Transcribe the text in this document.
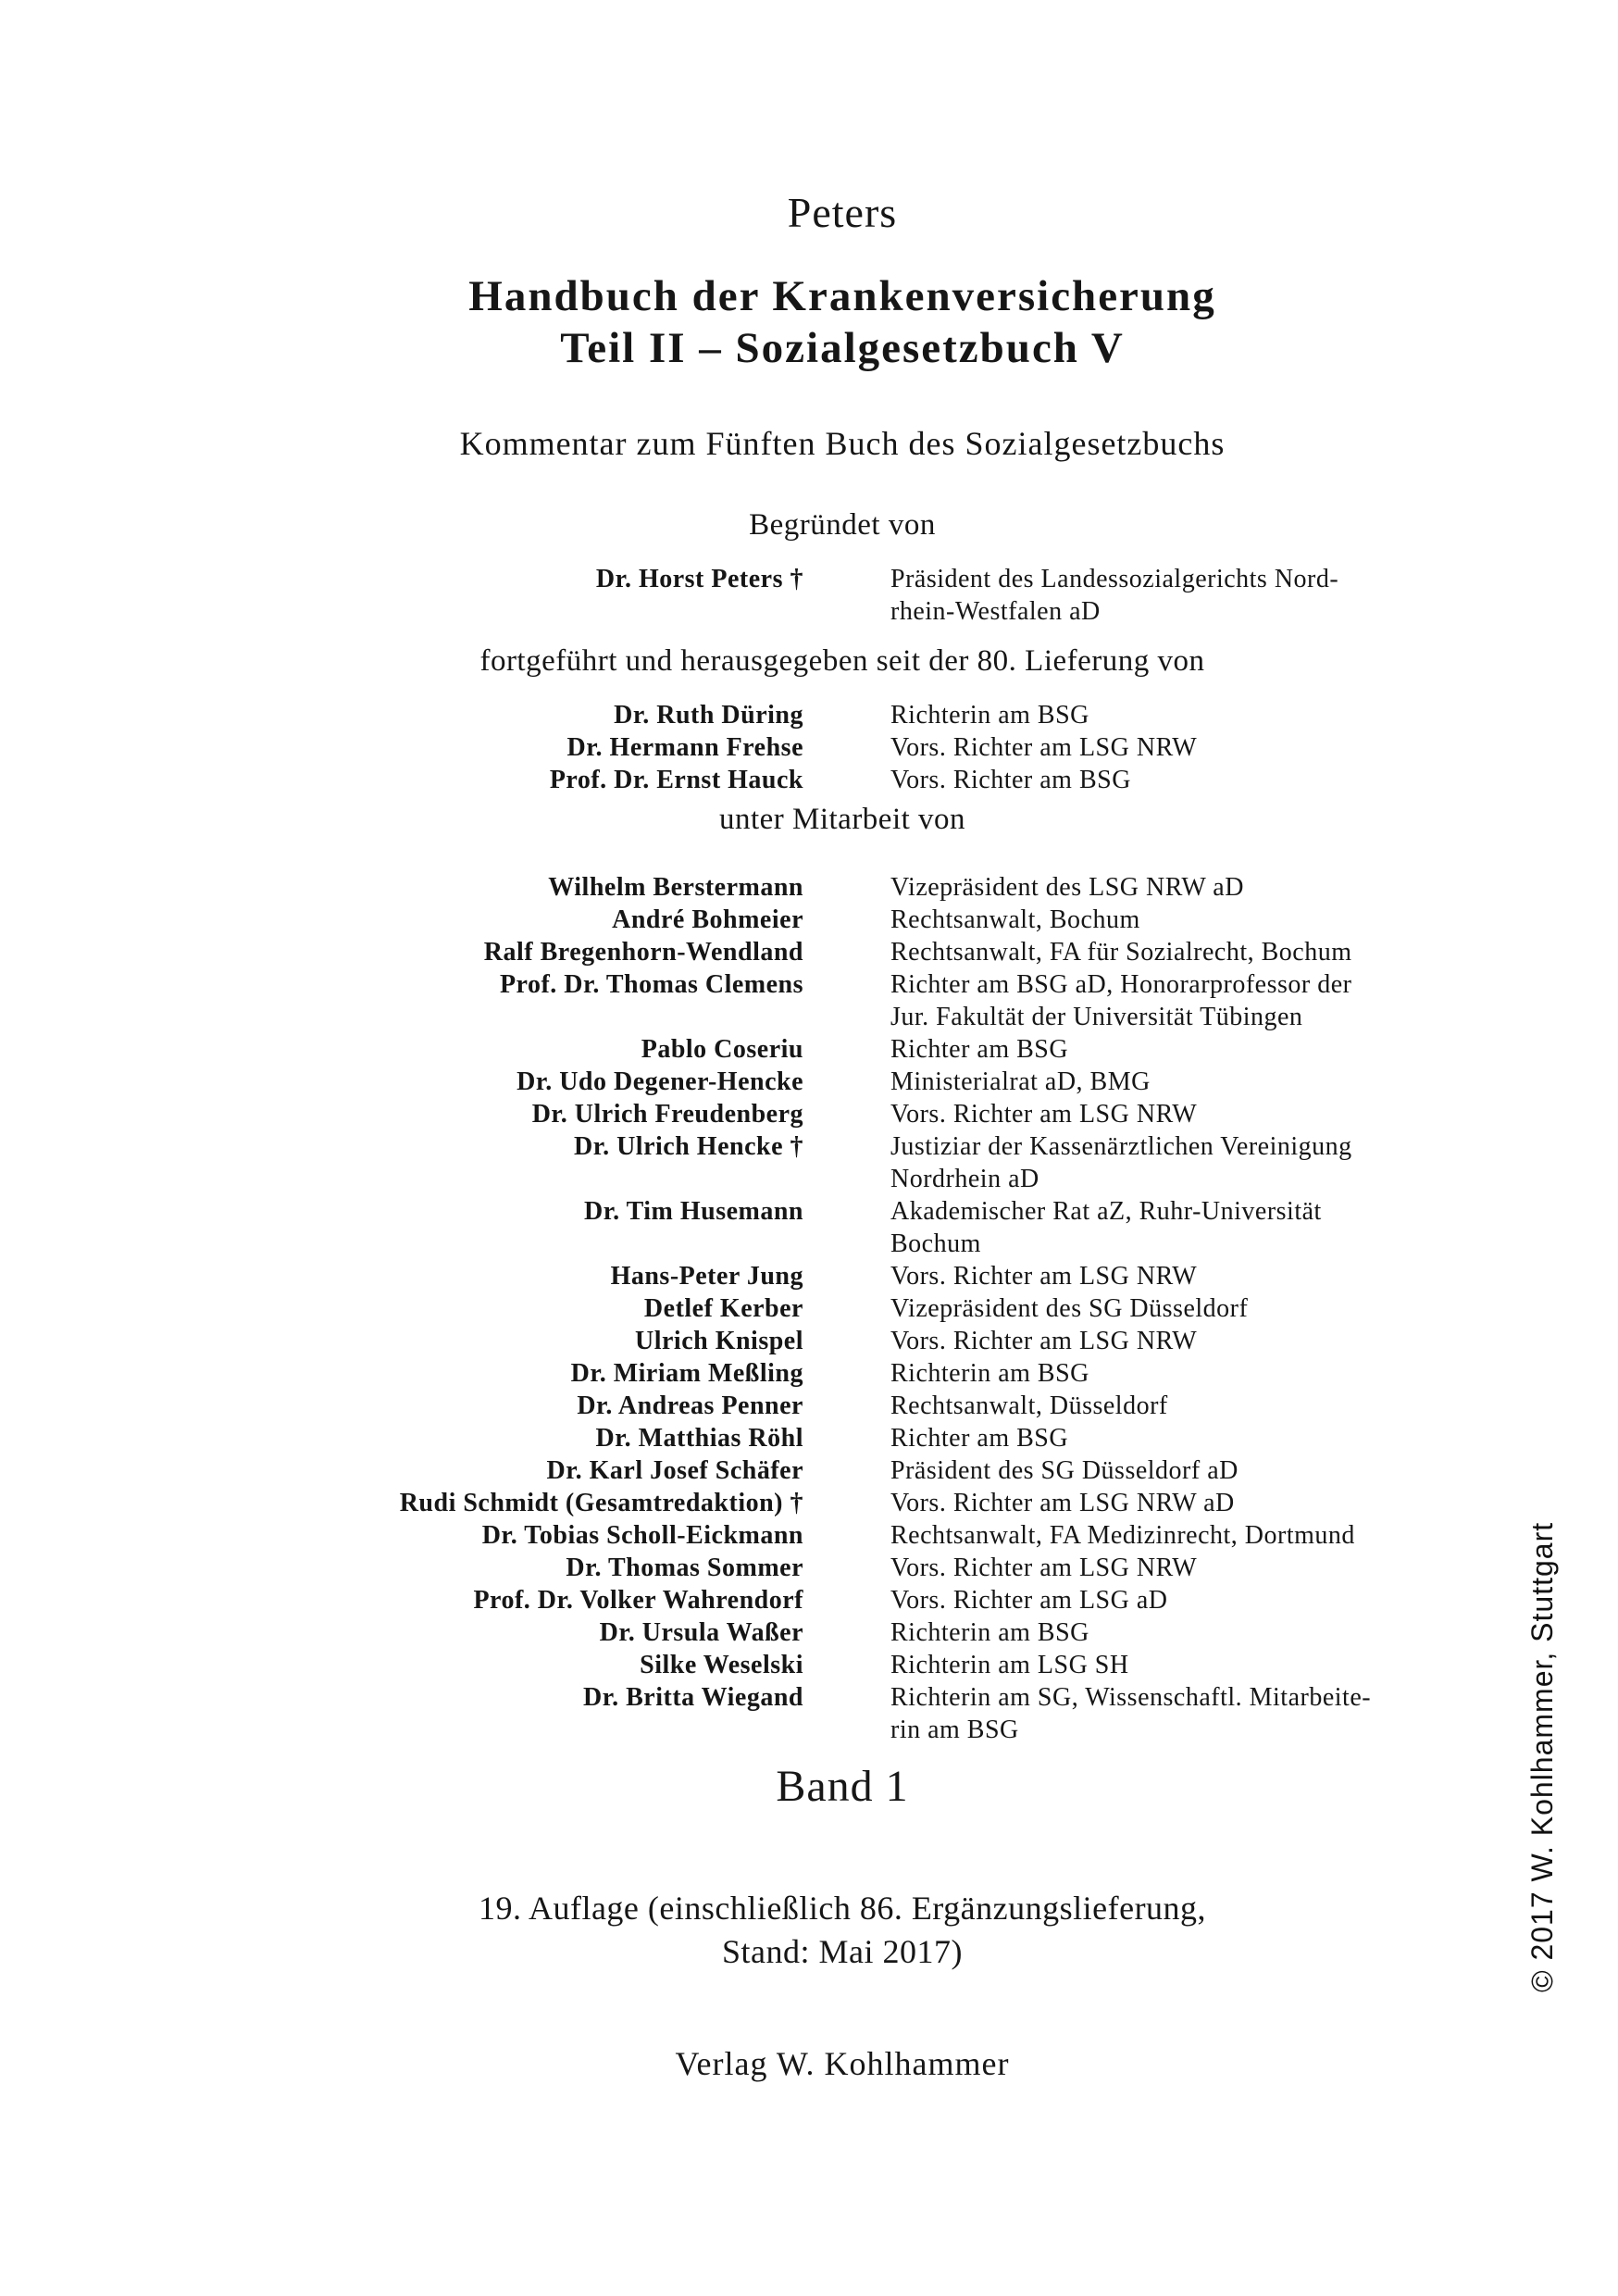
Peters
Handbuch der Krankenversicherung
Teil II – Sozialgesetzbuch V
Kommentar zum Fünften Buch des Sozialgesetzbuchs
Begründet von
Dr. Horst Peters †	Präsident des Landessozialgerichts Nord-
rhein-Westfalen aD
fortgeführt und herausgegeben seit der 80. Lieferung von
Dr. Ruth Düring	Richterin am BSG
Dr. Hermann Frehse	Vors. Richter am LSG NRW
Prof. Dr. Ernst Hauck	Vors. Richter am BSG
unter Mitarbeit von
Wilhelm Berstermann	Vizepräsident des LSG NRW aD
André Bohmeier	Rechtsanwalt, Bochum
Ralf Bregenhorn-Wendland	Rechtsanwalt, FA für Sozialrecht, Bochum
Prof. Dr. Thomas Clemens	Richter am BSG aD, Honorarprofessor der
Jur. Fakultät der Universität Tübingen
Pablo Coseriu	Richter am BSG
Dr. Udo Degener-Hencke	Ministerialrat aD, BMG
Dr. Ulrich Freudenberg	Vors. Richter am LSG NRW
Dr. Ulrich Hencke †	Justiziar der Kassenärztlichen Vereinigung
Nordrhein aD
Dr. Tim Husemann	Akademischer Rat aZ, Ruhr-Universität
Bochum
Hans-Peter Jung	Vors. Richter am LSG NRW
Detlef Kerber	Vizepräsident des SG Düsseldorf
Ulrich Knispel	Vors. Richter am LSG NRW
Dr. Miriam Meßling	Richterin am BSG
Dr. Andreas Penner	Rechtsanwalt, Düsseldorf
Dr. Matthias Röhl	Richter am BSG
Dr. Karl Josef Schäfer	Präsident des SG Düsseldorf aD
Rudi Schmidt (Gesamtredaktion) †	Vors. Richter am LSG NRW aD
Dr. Tobias Scholl-Eickmann	Rechtsanwalt, FA Medizinrecht, Dortmund
Dr. Thomas Sommer	Vors. Richter am LSG NRW
Prof. Dr. Volker Wahrendorf	Vors. Richter am LSG aD
Dr. Ursula Waßer	Richterin am BSG
Silke Weselski	Richterin am LSG SH
Dr. Britta Wiegand	Richterin am SG, Wissenschaftl. Mitarbeite-
rin am BSG
Band 1
19. Auflage (einschließlich 86. Ergänzungslieferung,
Stand: Mai 2017)
Verlag W. Kohlhammer
© 2017 W. Kohlhammer, Stuttgart
